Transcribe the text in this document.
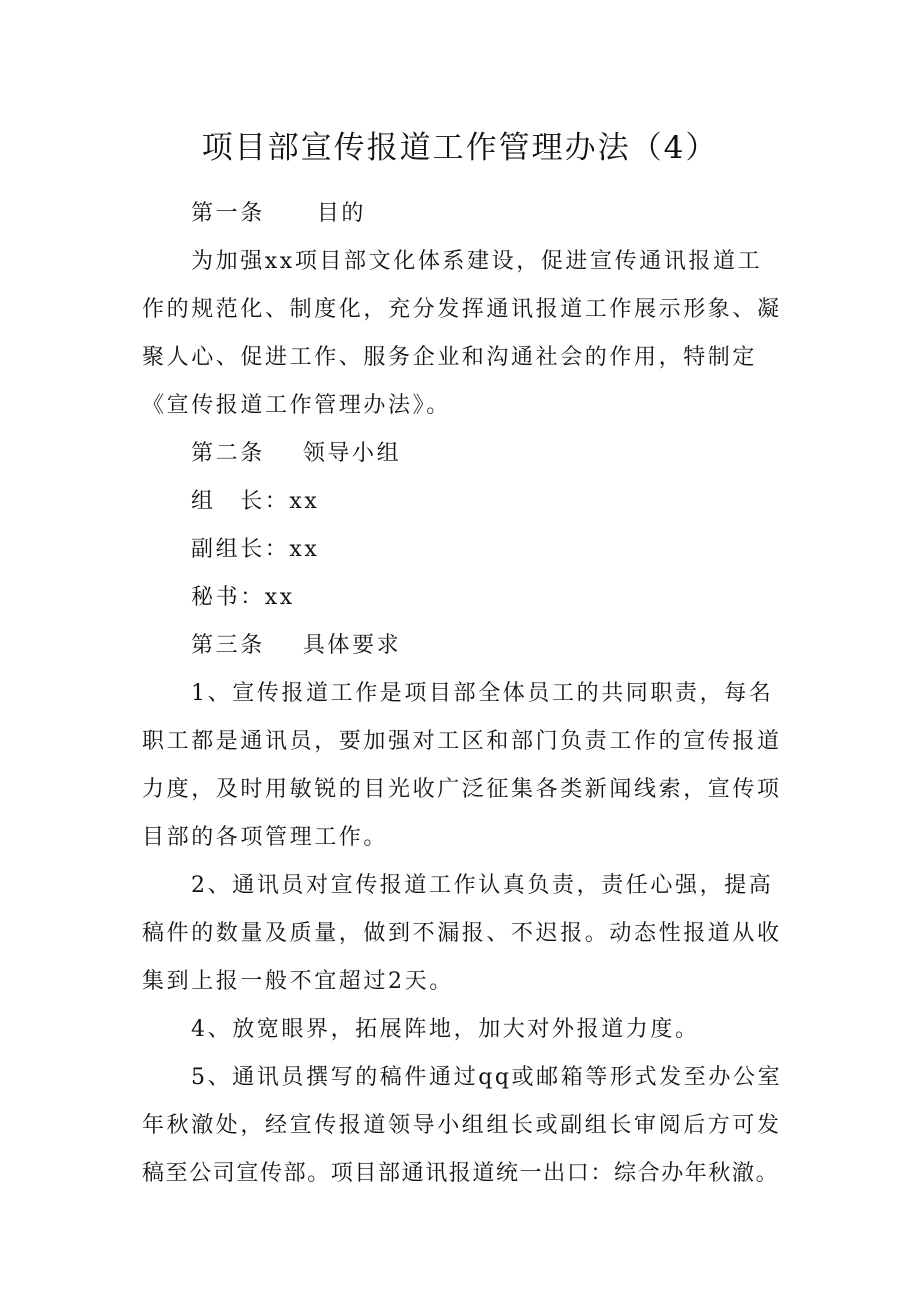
项目部宣传报道工作管理办法（4）
第一条 目的
为加强xx项目部文化体系建设，促进宣传通讯报道工
作的规范化、制度化，充分发挥通讯报道工作展示形象、凝
聚人心、促进工作、服务企业和沟通社会的作用，特制定
《宣传报道工作管理办法》。
第二条 领导小组
组　长：xx
副组长：xx
秘书：xx
第三条 具体要求
1、宣传报道工作是项目部全体员工的共同职责，每名
职工都是通讯员，要加强对工区和部门负责工作的宣传报道
力度，及时用敏锐的目光收广泛征集各类新闻线索，宣传项
目部的各项管理工作。
2、通讯员对宣传报道工作认真负责，责任心强，提高
稿件的数量及质量，做到不漏报、不迟报。动态性报道从收
集到上报一般不宜超过2天。
4、放宽眼界，拓展阵地，加大对外报道力度。
5、通讯员撰写的稿件通过qq或邮箱等形式发至办公室
年秋澈处，经宣传报道领导小组组长或副组长审阅后方可发
稿至公司宣传部。项目部通讯报道统一出口：综合办年秋澈。
